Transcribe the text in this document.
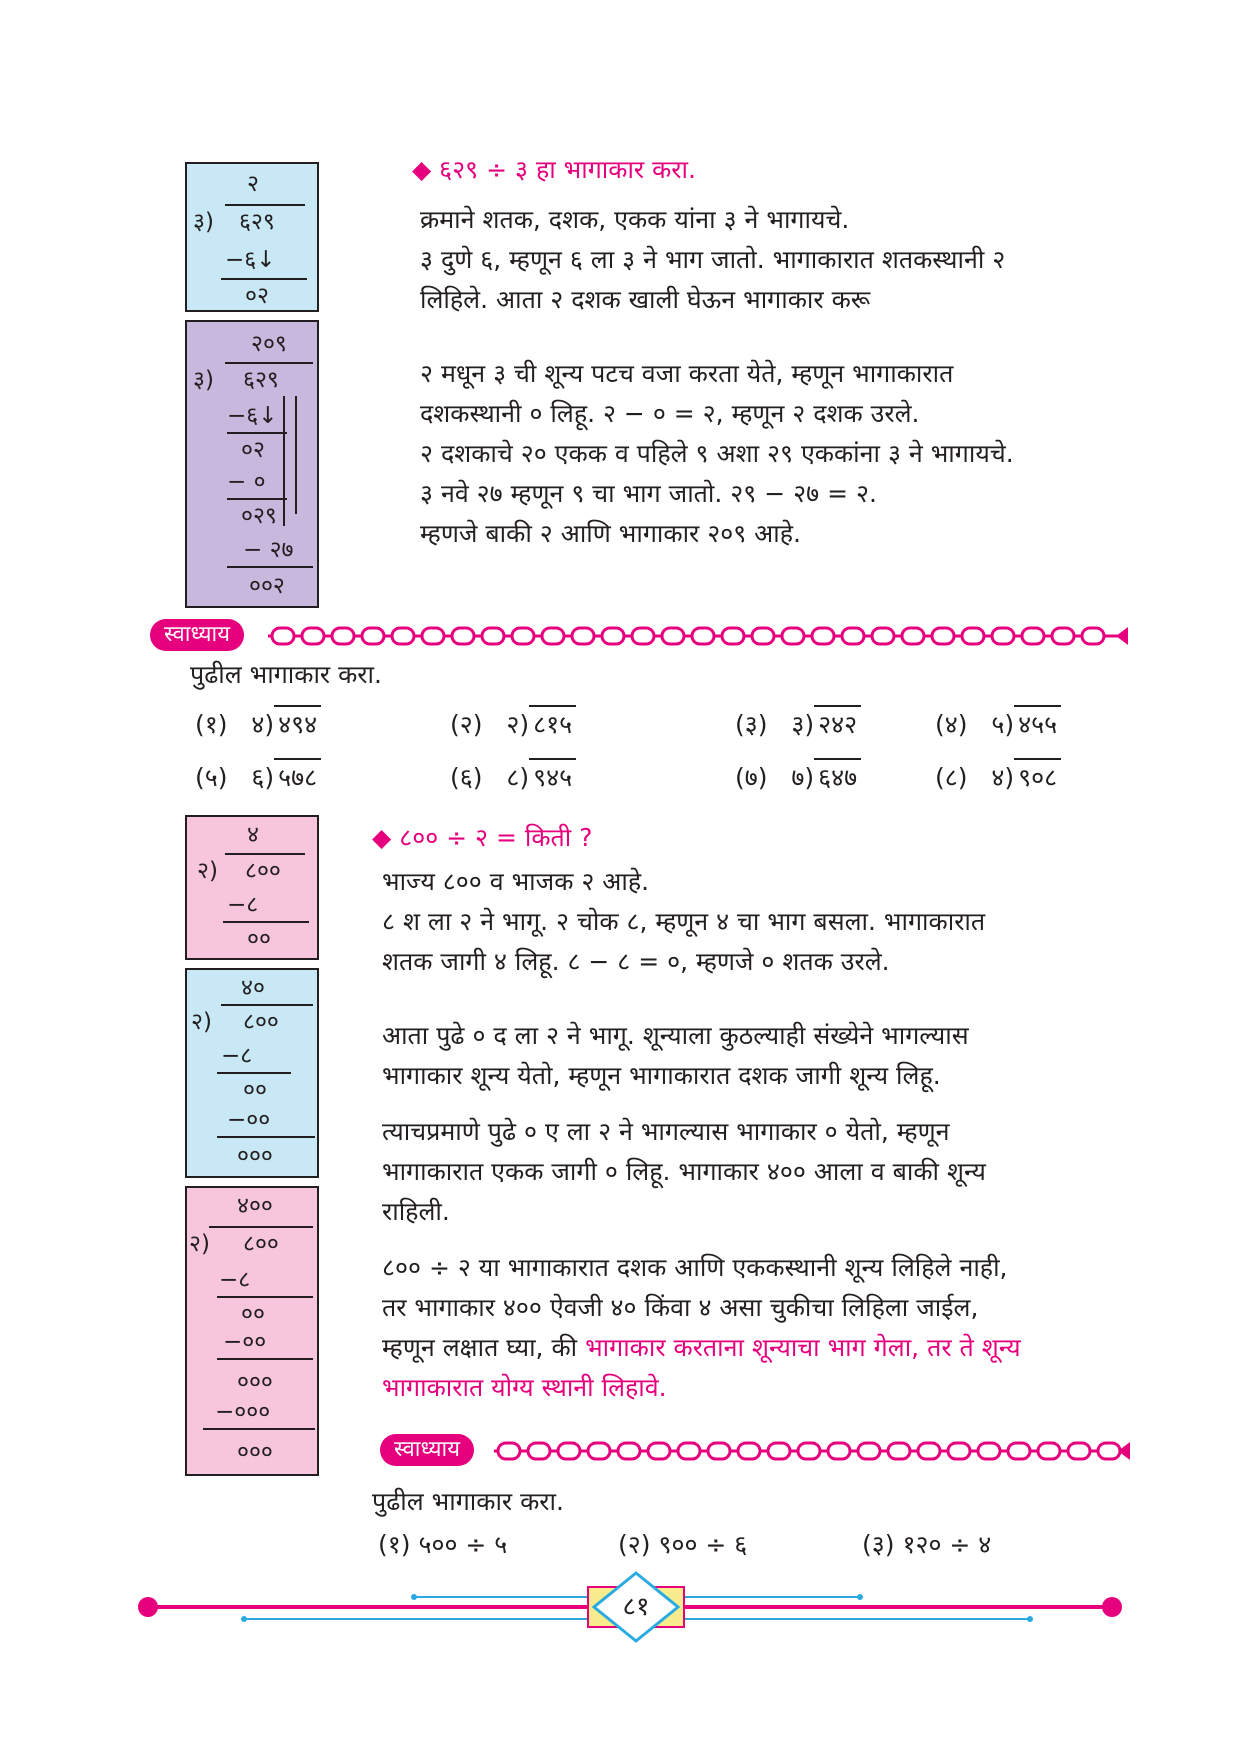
२
३) ६२९
−६↓
०२
२०९
३) ६२९
−६↓
०२
− ०
०२९
− २७
००२
◆ ६२९ ÷ ३ हा भागाकार करा.
क्रमाने शतक, दशक, एकक यांना ३ ने भागायचे.
३ दुणे ६, म्हणून ६ ला ३ ने भाग जातो. भागाकारात शतकस्थानी २
लिहिले. आता २ दशक खाली घेऊन भागाकार करू
२ मधून ३ ची शून्य पटच वजा करता येते, म्हणून भागाकारात
दशकस्थानी ० लिहू. २ − ० = २, म्हणून २ दशक उरले.
२ दशकाचे २० एकक व पहिले ९ अशा २९ एककांना ३ ने भागायचे.
३ नवे २७ म्हणून ९ चा भाग जातो. २९ − २७ = २.
म्हणजे बाकी २ आणि भागाकार २०९ आहे.
स्वाध्याय
पुढील भागाकार करा.
(१) ४) ४९४	(२) २) ८१५	(३) ३) २४२	(४) ५) ४५५
(५) ६) ५७८	(६) ८) ९४५	(७) ७) ६४७	(८) ४) ९०८
४
२) ८००
−८
००
४०
२) ८००
−८
००
−००
०००
४००
२) ८००
−८
००
−००
०००
−०००
०००
◆ ८०० ÷ २ = किती ?
भाज्य ८०० व भाजक २ आहे.
८ श ला २ ने भागू. २ चोक ८, म्हणून ४ चा भाग बसला. भागाकारात
शतक जागी ४ लिहू. ८ − ८ = ०, म्हणजे ० शतक उरले.
आता पुढे ० द ला २ ने भागू. शून्याला कुठल्याही संख्येने भागल्यास
भागाकार शून्य येतो, म्हणून भागाकारात दशक जागी शून्य लिहू.
त्याचप्रमाणे पुढे ० ए ला २ ने भागल्यास भागाकार ० येतो, म्हणून
भागाकारात एकक जागी ० लिहू. भागाकार ४०० आला व बाकी शून्य
राहिली.
८०० ÷ २ या भागाकारात दशक आणि एककस्थानी शून्य लिहिले नाही,
तर भागाकार ४०० ऐवजी ४० किंवा ४ असा चुकीचा लिहिला जाईल,
म्हणून लक्षात घ्या, की भागाकार करताना शून्याचा भाग गेला, तर ते शून्य
भागाकारात योग्य स्थानी लिहावे.
स्वाध्याय
पुढील भागाकार करा.
(१) ५०० ÷ ५	(२) ९०० ÷ ६	(३) १२० ÷ ४
८१
